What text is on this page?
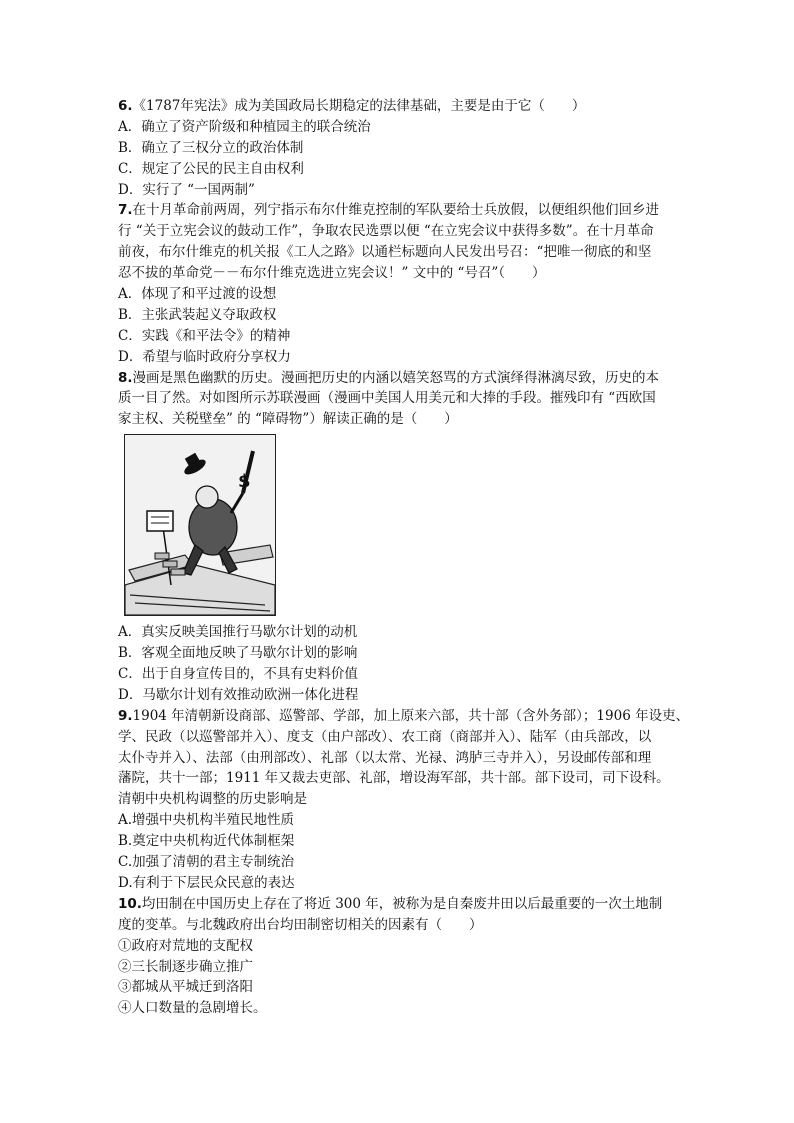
6.《1787年宪法》成为美国政局长期稳定的法律基础，主要是由于它（　　）
A．确立了资产阶级和种植园主的联合统治
B．确立了三权分立的政治体制
C．规定了公民的民主自由权利
D．实行了 “一国两制”
7.在十月革命前两周，列宁指示布尔什维克控制的军队要给士兵放假，以便组织他们回乡进
行 “关于立宪会议的鼓动工作”，争取农民选票以便 “在立宪会议中获得多数”。在十月革命
前夜，布尔什维克的机关报《工人之路》以通栏标题向人民发出号召：“把唯一彻底的和坚
忍不拔的革命党－－布尔什维克选进立宪会议！” 文中的 “号召”（　　）
A．体现了和平过渡的设想
B．主张武装起义夺取政权
C．实践《和平法令》的精神
D．希望与临时政府分享权力
8.漫画是黑色幽默的历史。漫画把历史的内涵以嬉笑怒骂的方式演绎得淋漓尽致，历史的本
质一目了然。对如图所示苏联漫画（漫画中美国人用美元和大捧的手段。摧残印有 “西欧国
家主权、关税壁垒” 的 “障碍物”）解读正确的是（　　）
$
A．真实反映美国推行马歇尔计划的动机
B．客观全面地反映了马歇尔计划的影响
C．出于自身宣传目的，不具有史料价值
D．马歇尔计划有效推动欧洲一体化进程
9.1904 年清朝新设商部、巡警部、学部，加上原来六部，共十部（含外务部）；1906 年设吏、
学、民政（以巡警部并入）、度支（由户部改）、农工商（商部并入）、陆军（由兵部改，以
太仆寺并入）、法部（由刑部改）、礼部（以太常、光禄、鸿胪三寺并入），另设邮传部和理
藩院，共十一部；1911 年又裁去吏部、礼部，增设海军部，共十部。部下设司，司下设科。
清朝中央机构调整的历史影响是
A.增强中央机构半殖民地性质
B.奠定中央机构近代体制框架
C.加强了清朝的君主专制统治
D.有利于下层民众民意的表达
10.均田制在中国历史上存在了将近 300 年，被称为是自秦废井田以后最重要的一次土地制
度的变革。与北魏政府出台均田制密切相关的因素有（　　）
①政府对荒地的支配权
②三长制逐步确立推广
③都城从平城迁到洛阳
④人口数量的急剧增长。
